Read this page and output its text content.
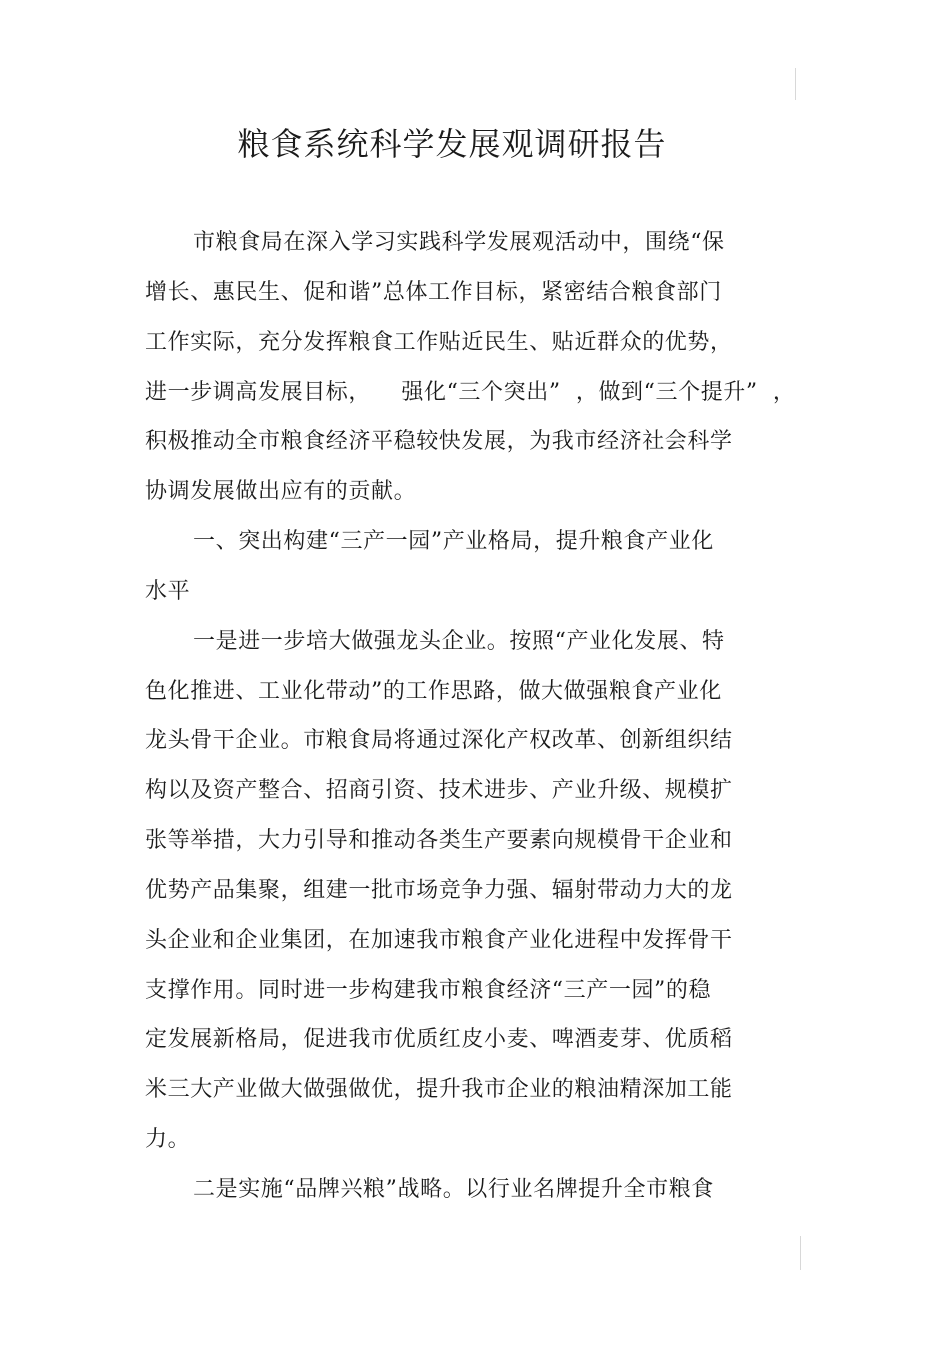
粮食系统科学发展观调研报告
市粮食局在深入学习实践科学发展观活动中，围绕“保
增长、惠民生、促和谐”总体工作目标，紧密结合粮食部门
工作实际，充分发挥粮食工作贴近民生、贴近群众的优势，
进一步调高发展目标，    强化“三个突出”  ，做到“三个提升”  ，
积极推动全市粮食经济平稳较快发展，为我市经济社会科学
协调发展做出应有的贡献。
一、突出构建“三产一园”产业格局，提升粮食产业化
水平
一是进一步培大做强龙头企业。按照“产业化发展、特
色化推进、工业化带动”的工作思路，做大做强粮食产业化
龙头骨干企业。市粮食局将通过深化产权改革、创新组织结
构以及资产整合、招商引资、技术进步、产业升级、规模扩
张等举措，大力引导和推动各类生产要素向规模骨干企业和
优势产品集聚，组建一批市场竞争力强、辐射带动力大的龙
头企业和企业集团，在加速我市粮食产业化进程中发挥骨干
支撑作用。同时进一步构建我市粮食经济“三产一园”的稳
定发展新格局，促进我市优质红皮小麦、啤酒麦芽、优质稻
米三大产业做大做强做优，提升我市企业的粮油精深加工能
力。
二是实施“品牌兴粮”战略。以行业名牌提升全市粮食
